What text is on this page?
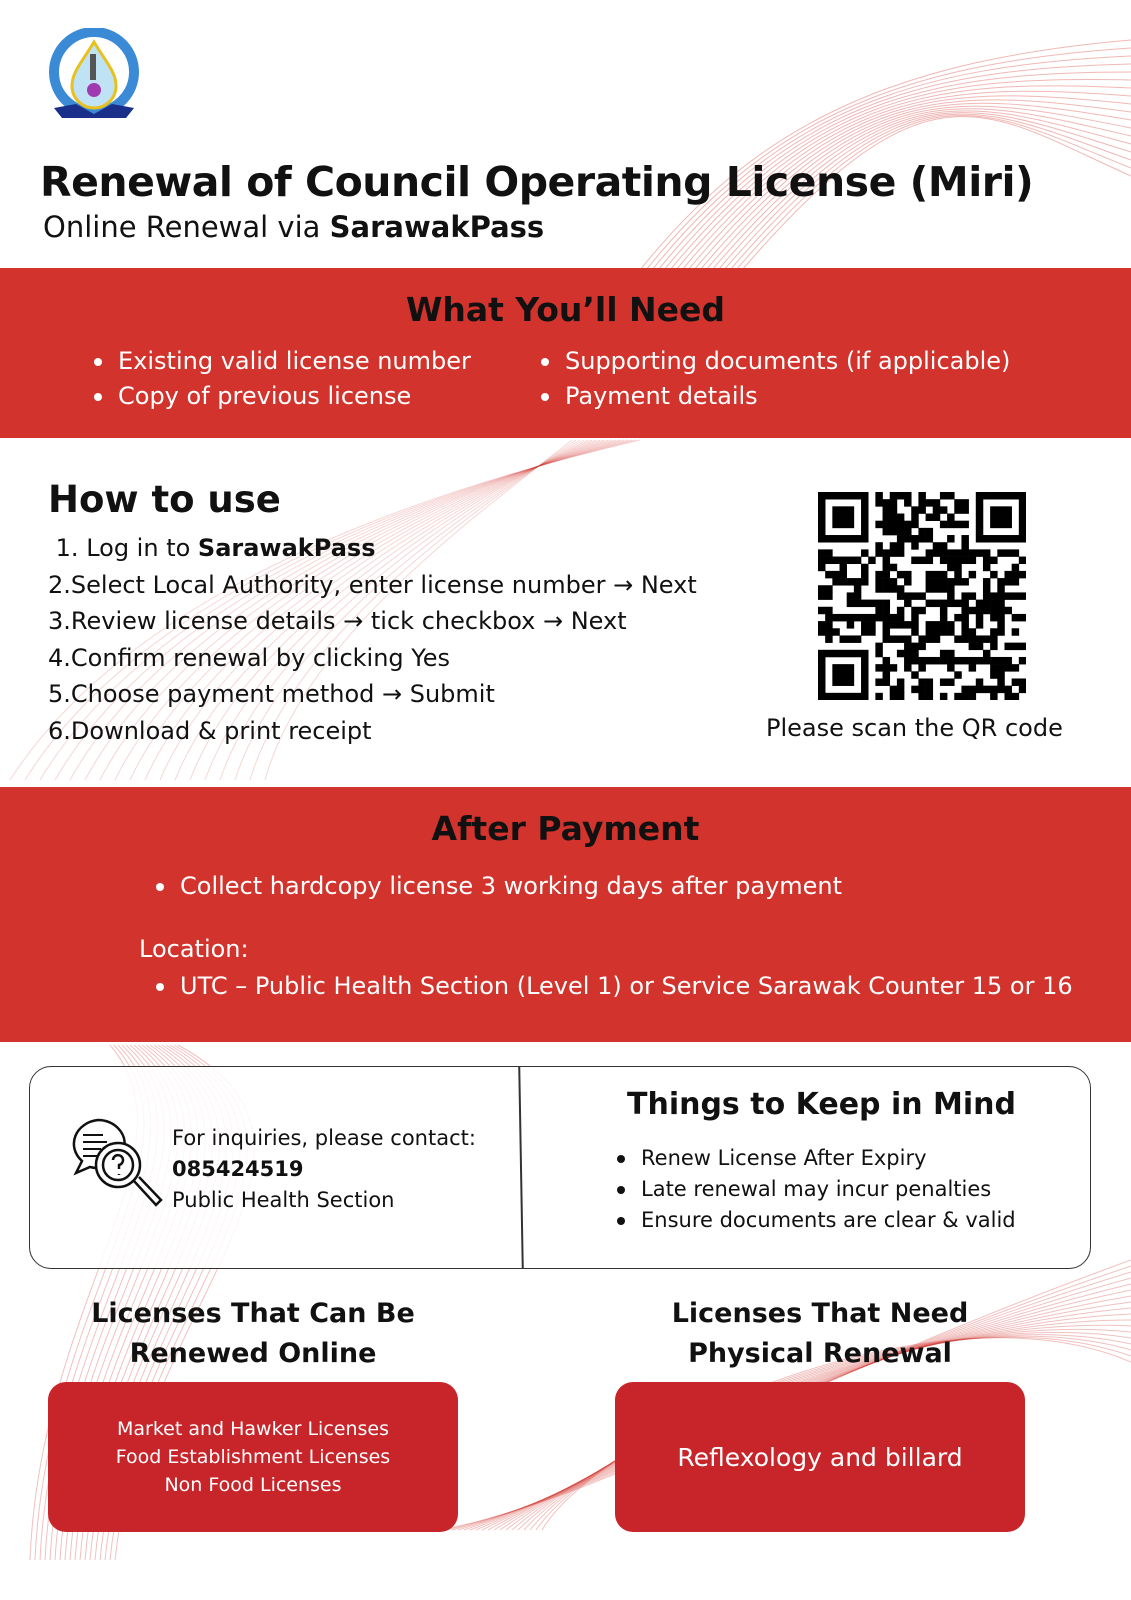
Renewal of Council Operating License (Miri)
Online Renewal via SarawakPass
What You’ll Need
Existing valid license number
Copy of previous license
Supporting documents (if applicable)
Payment details
How to use
1. Log in to SarawakPass
2.Select Local Authority, enter license number → Next
3.Review license details → tick checkbox → Next
4.Confirm renewal by clicking Yes
5.Choose payment method → Submit
6.Download & print receipt	Please scan the QR code
After Payment
Collect hardcopy license 3 working days after payment
Location:
UTC – Public Health Section (Level 1) or Service Sarawak Counter 15 or 16
For inquiries, please contact:
085424519
Public Health Section
Things to Keep in Mind
Renew License After Expiry
Late renewal may incur penalties
Ensure documents are clear & valid
Licenses That Can Be
Renewed Online
Market and Hawker Licenses
Food Establishment Licenses
Non Food Licenses
Licenses That Need
Physical Renewal
Reflexology and billard
